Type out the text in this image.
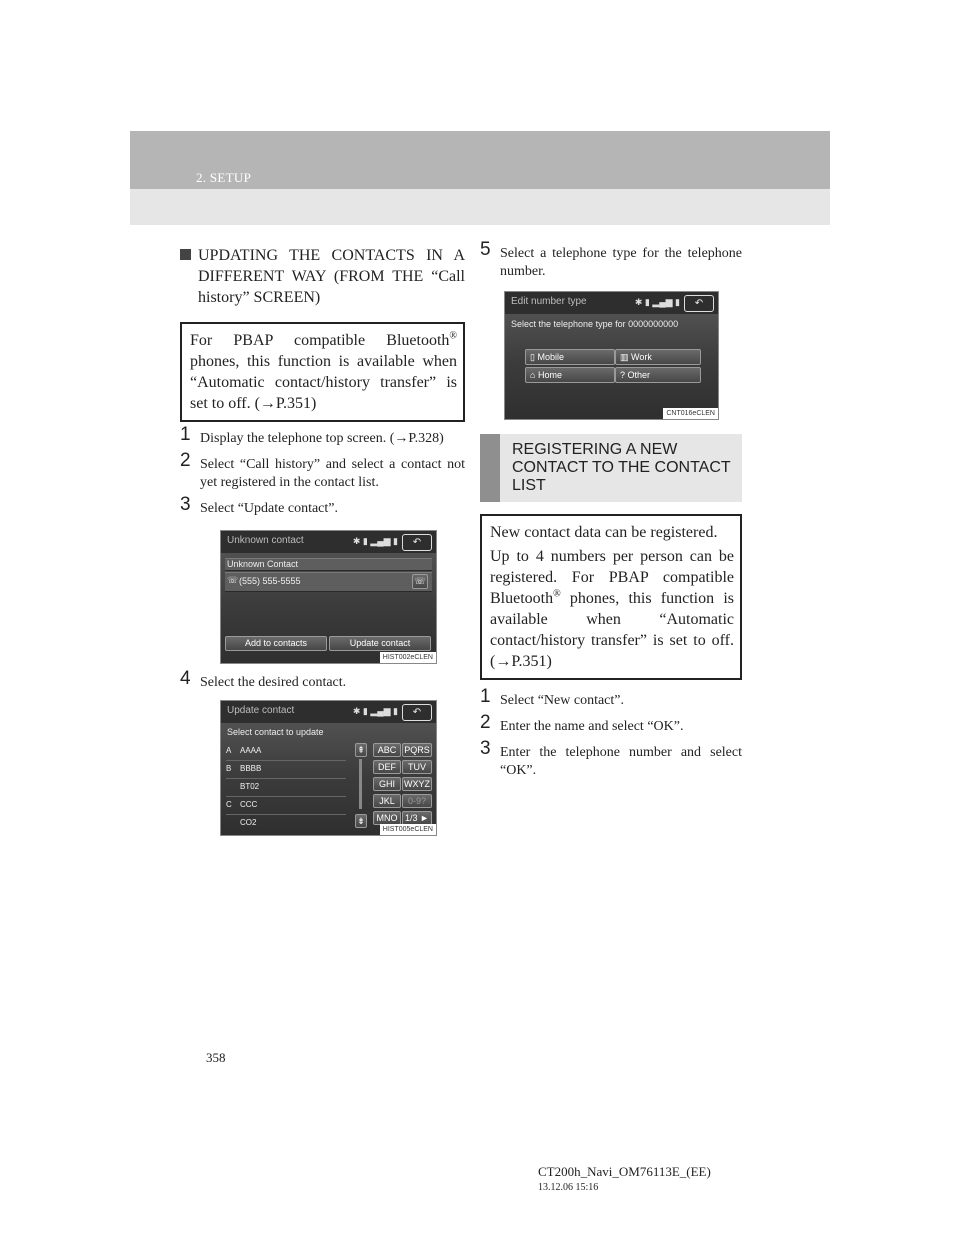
2. SETUP
UPDATING THE CONTACTS IN A DIFFERENT WAY (FROM THE “Call history” SCREEN)
For PBAP compatible Bluetooth® phones, this function is available when “Automatic contact/history transfer” is set to off. (→P.351)
1 Display the telephone top screen. (→P.328)
2 Select “Call history” and select a contact not yet registered in the contact list.
3 Select “Update contact”.
Unknown contact	✱ ▮ ▂▄▆ ▮	↶
Unknown Contact
☏ (555) 555-5555	☏
Add to contacts	Update contact
HIST002eCLEN
4 Select the desired contact.
Update contact	✱ ▮ ▂▄▆ ▮	↶
Select contact to update
A AAAA
B BBBB
BT02
C CCC
CO2
⇞
⇟
ABC PQRS
DEF	TUV
GHI	WXYZ
JKL	0-9?
MNO 1/3 ►
HIST005eCLEN
5 Select a telephone type for the telephone number.
Edit number type	✱ ▮ ▂▄▆ ▮	↶
Select the telephone type for 0000000000
▯ Mobile	▥ Work
⌂ Home	? Other
CNT016eCLEN
REGISTERING A NEW CONTACT TO THE CONTACT LIST
New contact data can be registered.
Up to 4 numbers per person can be registered. For PBAP compatible Bluetooth® phones, this function is available when “Automatic contact/history transfer” is set to off. (→P.351)
1 Select “New contact”.
2 Enter the name and select “OK”.
3 Enter the telephone number and select “OK”.
358
CT200h_Navi_OM76113E_(EE)
13.12.06 15:16
